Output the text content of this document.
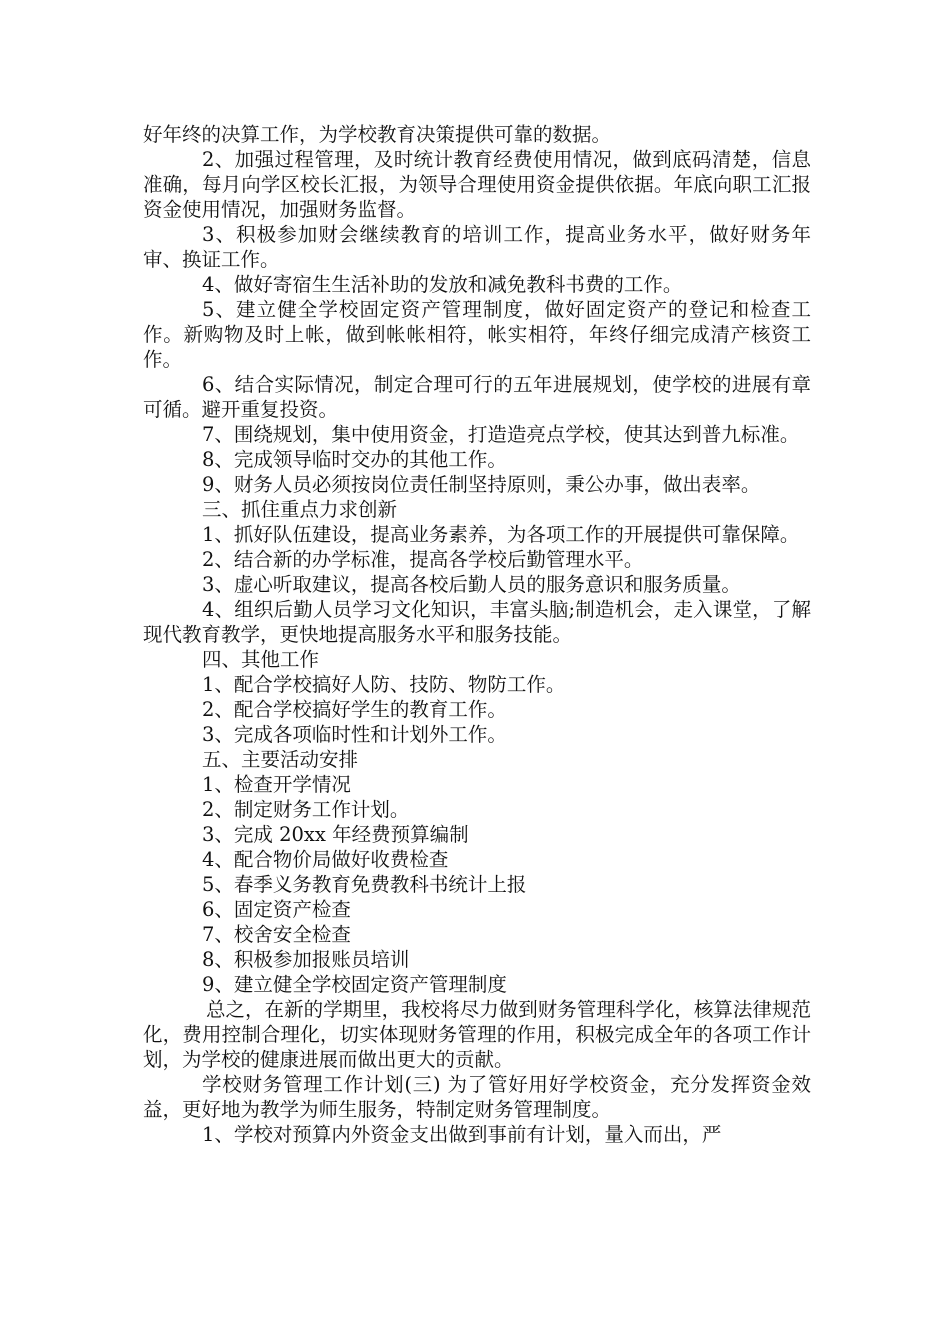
好年终的决算工作，为学校教育决策提供可靠的数据。

2、加强过程管理，及时统计教育经费使用情况，做到底码清楚，信息准确，每月向学区校长汇报，为领导合理使用资金提供依据。年底向职工汇报资金使用情况，加强财务监督。

3、积极参加财会继续教育的培训工作，提高业务水平，做好财务年审、换证工作。

4、做好寄宿生生活补助的发放和减免教科书费的工作。

5、建立健全学校固定资产管理制度，做好固定资产的登记和检查工作。新购物及时上帐，做到帐帐相符，帐实相符，年终仔细完成清产核资工作。

6、结合实际情况，制定合理可行的五年进展规划，使学校的进展有章可循。避开重复投资。

7、围绕规划，集中使用资金，打造造亮点学校，使其达到普九标准。

8、完成领导临时交办的其他工作。

9、财务人员必须按岗位责任制坚持原则，秉公办事，做出表率。

三、抓住重点力求创新

1、抓好队伍建设，提高业务素养，为各项工作的开展提供可靠保障。

2、结合新的办学标准，提高各学校后勤管理水平。

3、虚心听取建议，提高各校后勤人员的服务意识和服务质量。

4、组织后勤人员学习文化知识，丰富头脑;制造机会，走入课堂，了解现代教育教学，更快地提高服务水平和服务技能。

四、其他工作

1、配合学校搞好人防、技防、物防工作。

2、配合学校搞好学生的教育工作。

3、完成各项临时性和计划外工作。

五、主要活动安排

1、检查开学情况

2、制定财务工作计划。

3、完成 20xx 年经费预算编制

4、配合物价局做好收费检查

5、春季义务教育免费教科书统计上报

6、固定资产检查

7、校舍安全检查

8、积极参加报账员培训

9、建立健全学校固定资产管理制度

总之，在新的学期里，我校将尽力做到财务管理科学化，核算法律规范化，费用控制合理化，切实体现财务管理的作用，积极完成全年的各项工作计划，为学校的健康进展而做出更大的贡献。

学校财务管理工作计划(三) 为了管好用好学校资金，充分发挥资金效益，更好地为教学为师生服务，特制定财务管理制度。

1、学校对预算内外资金支出做到事前有计划，量入而出，严
